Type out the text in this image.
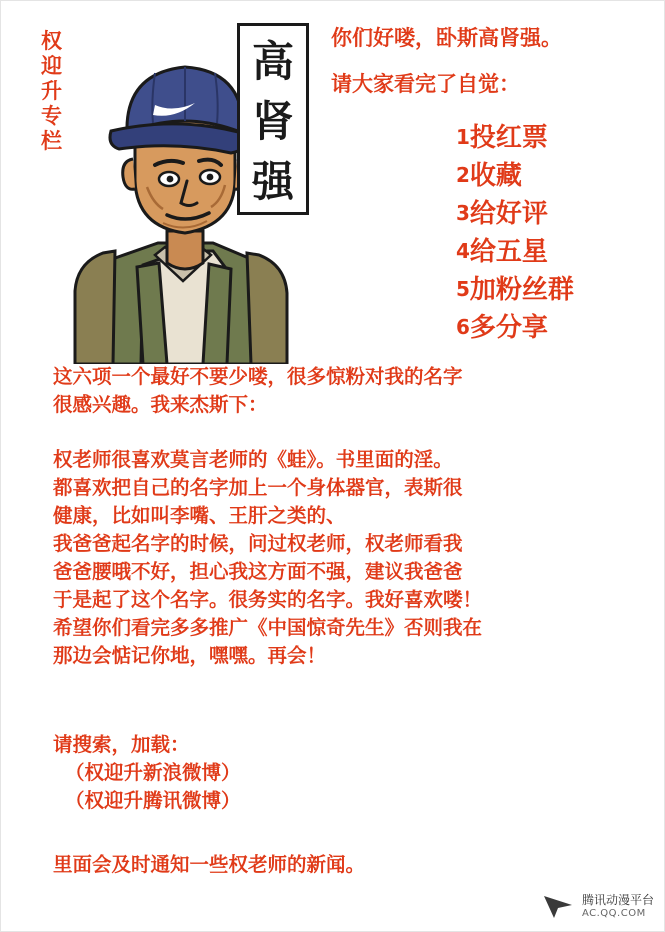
权
迎
升
专
栏
高
肾
强
你们好喽，卧斯高肾强。
请大家看完了自觉：
1投红票
2收藏
3给好评
4给五星
5加粉丝群
6多分享
这六项一个最好不要少喽，很多惊粉对我的名字
很感兴趣。我来杰斯下：
权老师很喜欢莫言老师的《蛙》。书里面的淫。
都喜欢把自己的名字加上一个身体器官，表斯很
健康，比如叫李嘴、王肝之类的、
我爸爸起名字的时候，问过权老师，权老师看我
爸爸腰哦不好，担心我这方面不强，建议我爸爸
于是起了这个名字。很务实的名字。我好喜欢喽！
希望你们看完多多推广《中国惊奇先生》否则我在
那边会惦记你地，嘿嘿。再会！
请搜索，加载：
（权迎升新浪微博）
（权迎升腾讯微博）
里面会及时通知一些权老师的新闻。
腾讯动漫平台
AC.QQ.COM
